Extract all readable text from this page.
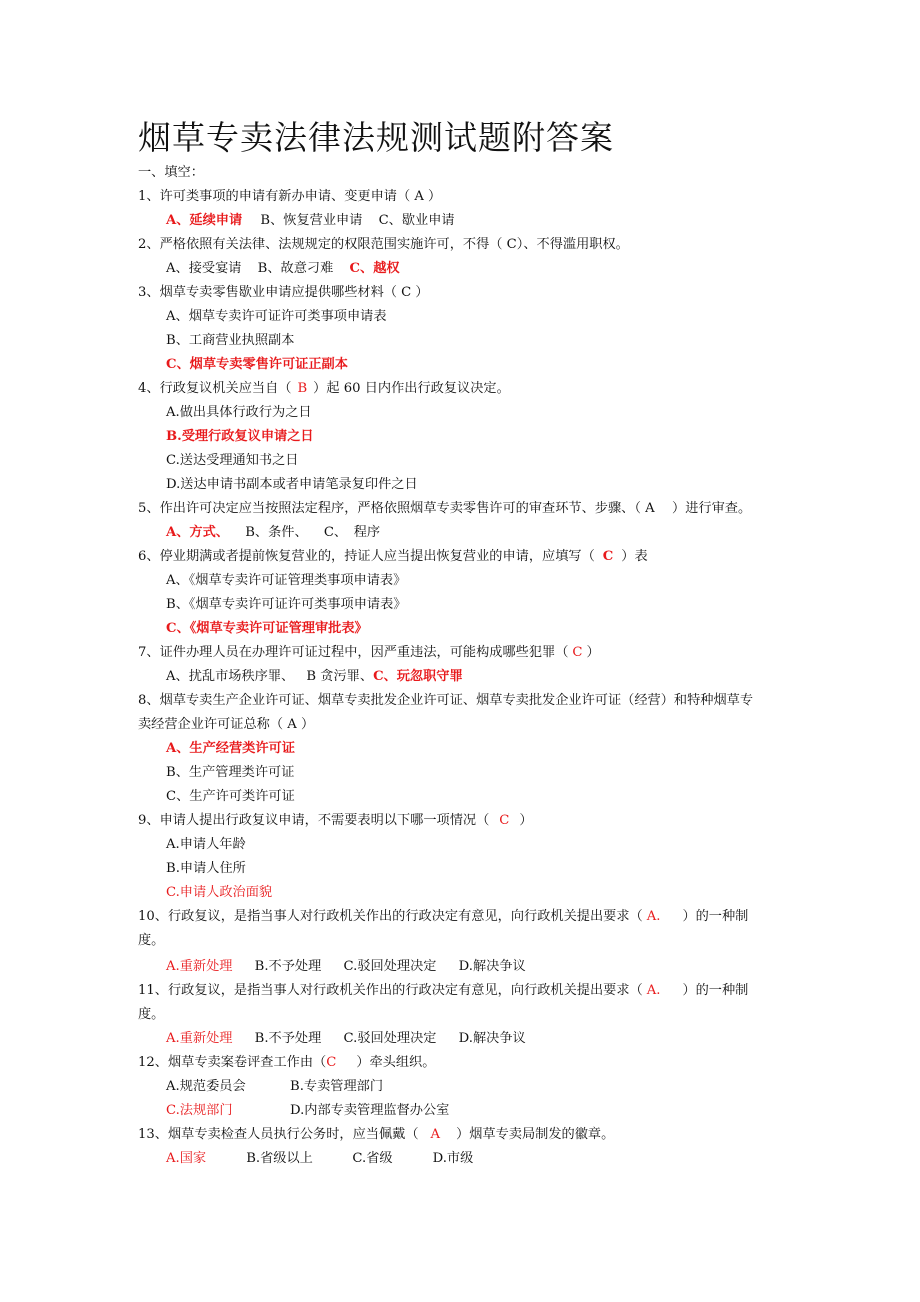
烟草专卖法律法规测试题附答案
一、填空：
1、许可类事项的申请有新办申请、变更申请（ A ）
A、延续申请 B、恢复营业申请 C、歇业申请
2、严格依照有关法律、法规规定的权限范围实施许可，不得（ C）、不得滥用职权。
A、接受宴请 B、故意刁难 C、越权
3、烟草专卖零售歇业申请应提供哪些材料（ C ）
A、烟草专卖许可证许可类事项申请表
B、工商营业执照副本
C、烟草专卖零售许可证正副本
4、行政复议机关应当自（ B ）起 60 日内作出行政复议决定。
A.做出具体行政行为之日
B.受理行政复议申请之日
C.送达受理通知书之日
D.送达申请书副本或者申请笔录复印件之日
5、作出许可决定应当按照法定程序，严格依照烟草专卖零售许可的审查环节、步骤、（ A　 ）进行审查。
A、方式、 B、条件、 C、　程序
6、停业期满或者提前恢复营业的，持证人应当提出恢复营业的申请，应填写（ C ）表
A、《烟草专卖许可证管理类事项申请表》
B、《烟草专卖许可证许可类事项申请表》
C、《烟草专卖许可证管理审批表》
7、证件办理人员在办理许可证过程中，因严重违法，可能构成哪些犯罪（ C ）
A、扰乱市场秩序罪、 B 贪污罪、C、玩忽职守罪
8、烟草专卖生产企业许可证、烟草专卖批发企业许可证、烟草专卖批发企业许可证（经营）和特种烟草专
卖经营企业许可证总称（ A ）
A、生产经营类许可证
B、生产管理类许可证
C、生产许可类许可证
9、申请人提出行政复议申请，不需要表明以下哪一项情况（ C ）
A.申请人年龄
B.申请人住所
C.申请人政治面貌
10、行政复议，是指当事人对行政机关作出的行政决定有意见，向行政机关提出要求（ A. ）的一种制
度。
A.重新处理 B.不予处理 C.驳回处理决定 D.解决争议
11、行政复议，是指当事人对行政机关作出的行政决定有意见，向行政机关提出要求（ A. ）的一种制
度。
A.重新处理 B.不予处理 C.驳回处理决定 D.解决争议
12、烟草专卖案卷评查工作由（C ）牵头组织。
A.规范委员会	B.专卖管理部门
C.法规部门	D.内部专卖管理监督办公室
13、烟草专卖检查人员执行公务时，应当佩戴（ A ）烟草专卖局制发的徽章。
A.国家	B.省级以上	C.省级	D.市级
